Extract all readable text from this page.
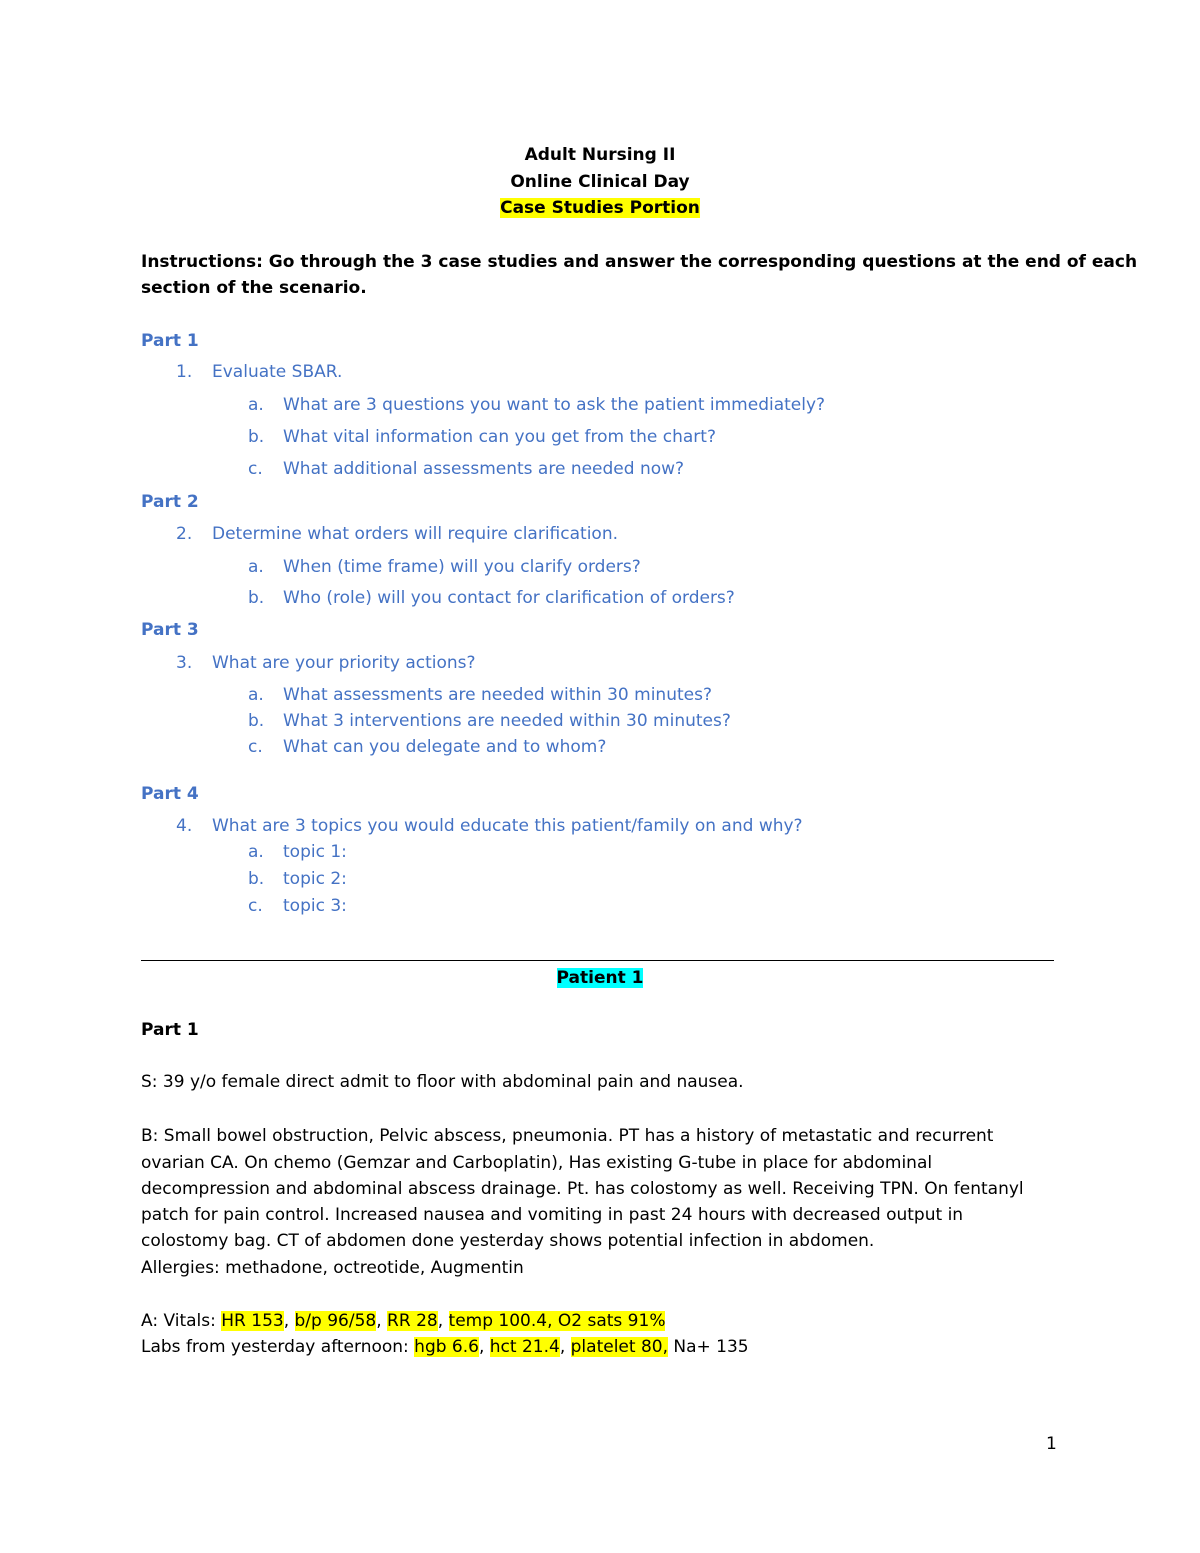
Adult Nursing II
Online Clinical Day
Case Studies Portion
Instructions: Go through the 3 case studies and answer the corresponding questions at the end of each
section of the scenario.
Part 1
1. Evaluate SBAR.
a. What are 3 questions you want to ask the patient immediately?
b. What vital information can you get from the chart?
c. What additional assessments are needed now?
Part 2
2. Determine what orders will require clarification.
a. When (time frame) will you clarify orders?
b. Who (role) will you contact for clarification of orders?
Part 3
3. What are your priority actions?
a. What assessments are needed within 30 minutes?
b. What 3 interventions are needed within 30 minutes?
c. What can you delegate and to whom?
Part 4
4. What are 3 topics you would educate this patient/family on and why?
a. topic 1:
b. topic 2:
c. topic 3:
Patient 1
Part 1
S: 39 y/o female direct admit to floor with abdominal pain and nausea.
B: Small bowel obstruction, Pelvic abscess, pneumonia. PT has a history of metastatic and recurrent
ovarian CA. On chemo (Gemzar and Carboplatin), Has existing G-tube in place for abdominal
decompression and abdominal abscess drainage. Pt. has colostomy as well. Receiving TPN. On fentanyl
patch for pain control. Increased nausea and vomiting in past 24 hours with decreased output in
colostomy bag. CT of abdomen done yesterday shows potential infection in abdomen.
Allergies: methadone, octreotide, Augmentin
A: Vitals: HR 153, b/p 96/58, RR 28, temp 100.4, O2 sats 91%
Labs from yesterday afternoon: hgb 6.6, hct 21.4, platelet 80, Na+ 135
1
